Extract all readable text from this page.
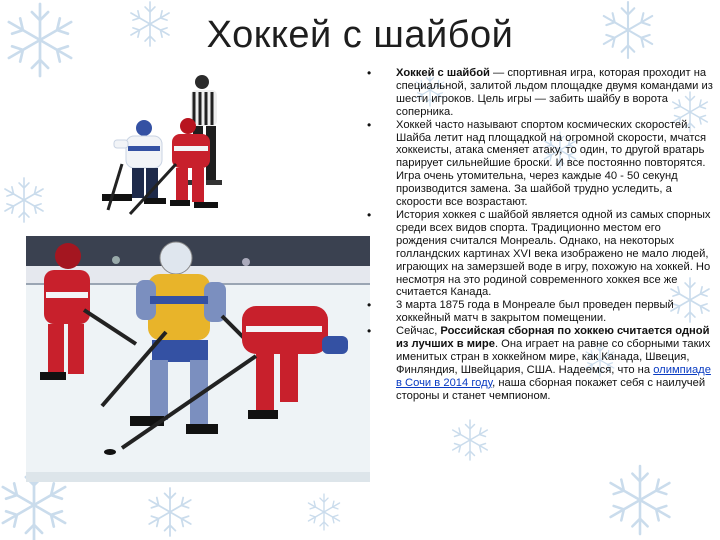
Хоккей с шайбой
• Хоккей с шайбой — спортивная игра, которая проходит на специальной, залитой льдом площадке двумя командами из шести игроков. Цель игры — забить шайбу в ворота соперника.
• Хоккей часто называют спортом космических скоростей. Шайба летит над площадкой на огромной скорости, мчатся хоккеисты, атака сменяет атаку, то один, то другой вратарь парирует сильнейшие броски. И все постоянно повторятся. Игра очень утомительна, через каждые 40 - 50 секунд производится замена. За шайбой трудно уследить, а скорости все возрастают.
• История хоккея с шайбой является одной из самых спорных среди всех видов спорта. Традиционно местом его рождения считался Монреаль. Однако, на некоторых голландских картинах XVI века изображено не мало людей, играющих на замерзшей воде в игру, похожую на хоккей. Но несмотря на это родиной современного хоккея все же считается Канада.
• 3 марта 1875 года в Монреале был проведен первый хоккейный матч в закрытом помещении.
• Сейчас, Российская сборная по хоккею считается одной из лучших в мире. Она играет на равне со сборными таких именитых стран в хоккейном мире, как Канада, Швеция, Финляндия, Швейцария, США. Надеемся, что на олимпиаде в Сочи в 2014 году, наша сборная покажет себя с наилучей стороны и станет чемпионом.
